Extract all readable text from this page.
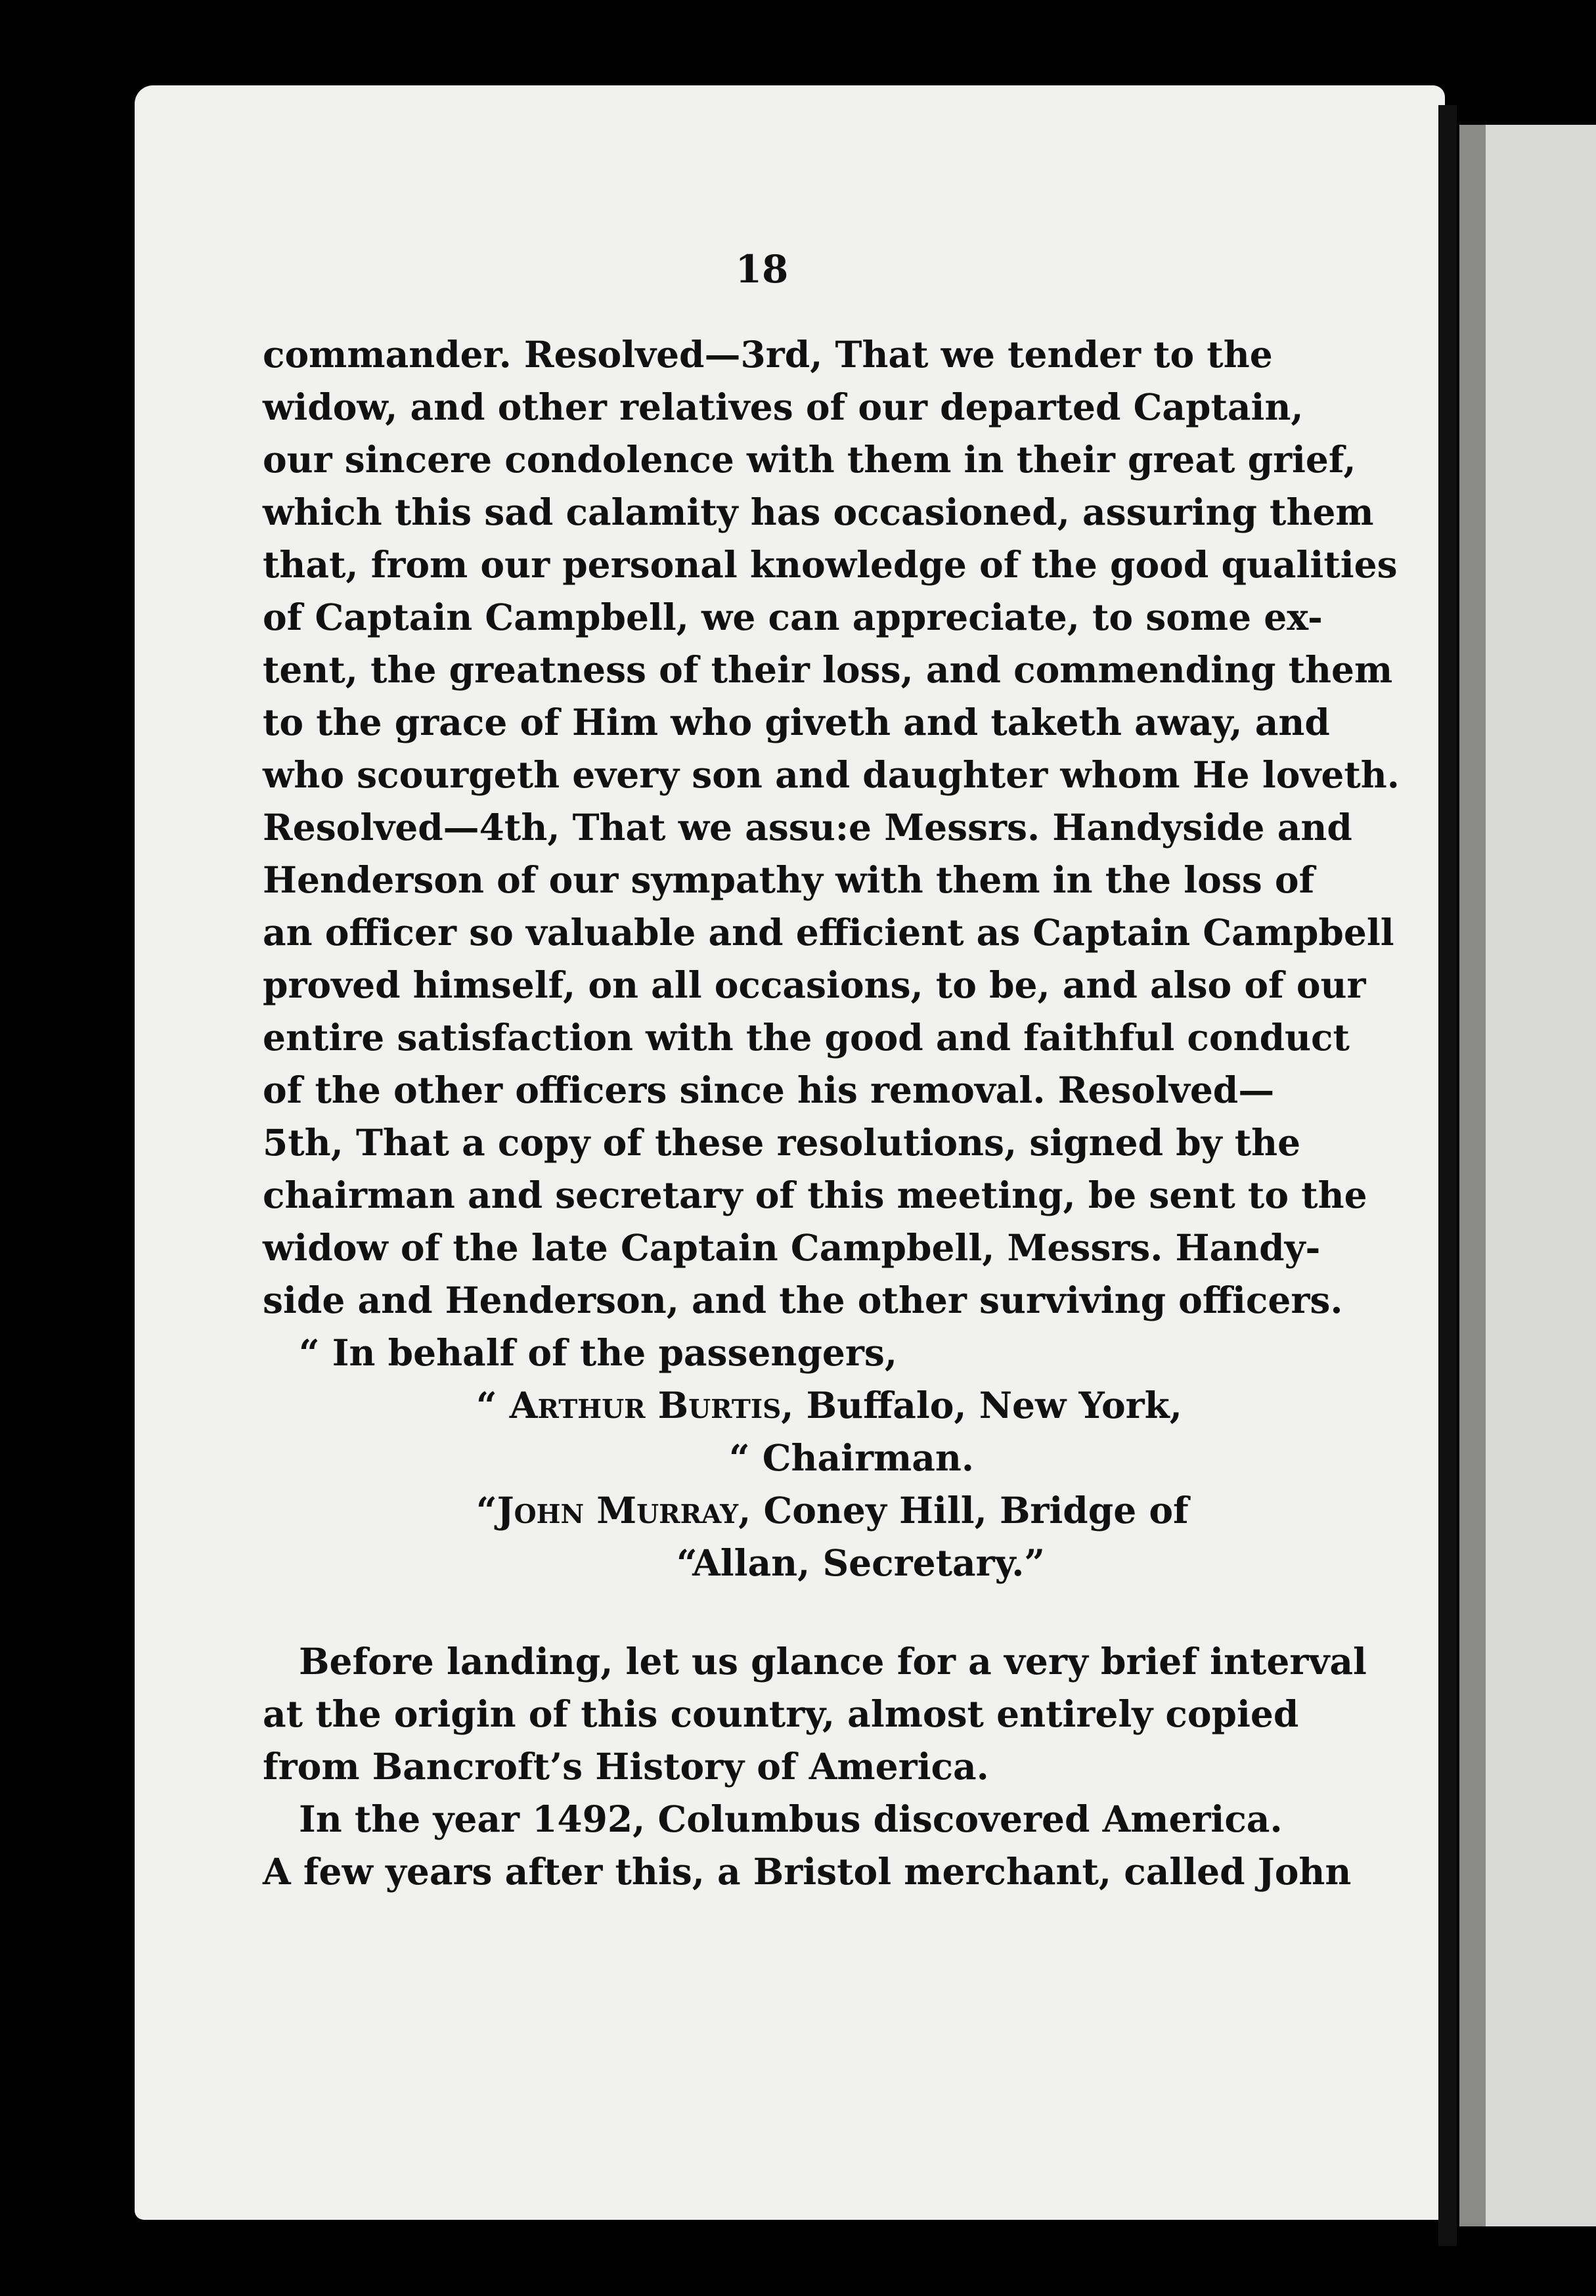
18
commander. Resolved—3rd, That we tender to the
widow, and other relatives of our departed Captain,
our sincere condolence with them in their great grief,
which this sad calamity has occasioned, assuring them
that, from our personal knowledge of the good qualities
of Captain Campbell, we can appreciate, to some ex-
tent, the greatness of their loss, and commending them
to the grace of Him who giveth and taketh away, and
who scourgeth every son and daughter whom He loveth.
Resolved—4th, That we assu:e Messrs. Handyside and
Henderson of our sympathy with them in the loss of
an officer so valuable and efficient as Captain Campbell
proved himself, on all occasions, to be, and also of our
entire satisfaction with the good and faithful conduct
of the other officers since his removal. Resolved—
5th, That a copy of these resolutions, signed by the
chairman and secretary of this meeting, be sent to the
widow of the late Captain Campbell, Messrs. Handy-
side and Henderson, and the other surviving officers.
“ In behalf of the passengers,
“ Arthur Burtis, Buffalo, New York,
“ Chairman.
“John Murray, Coney Hill, Bridge of
“Allan, Secretary.”
Before landing, let us glance for a very brief interval
at the origin of this country, almost entirely copied
from Bancroft’s History of America.
In the year 1492, Columbus discovered America.
A few years after this, a Bristol merchant, called John
